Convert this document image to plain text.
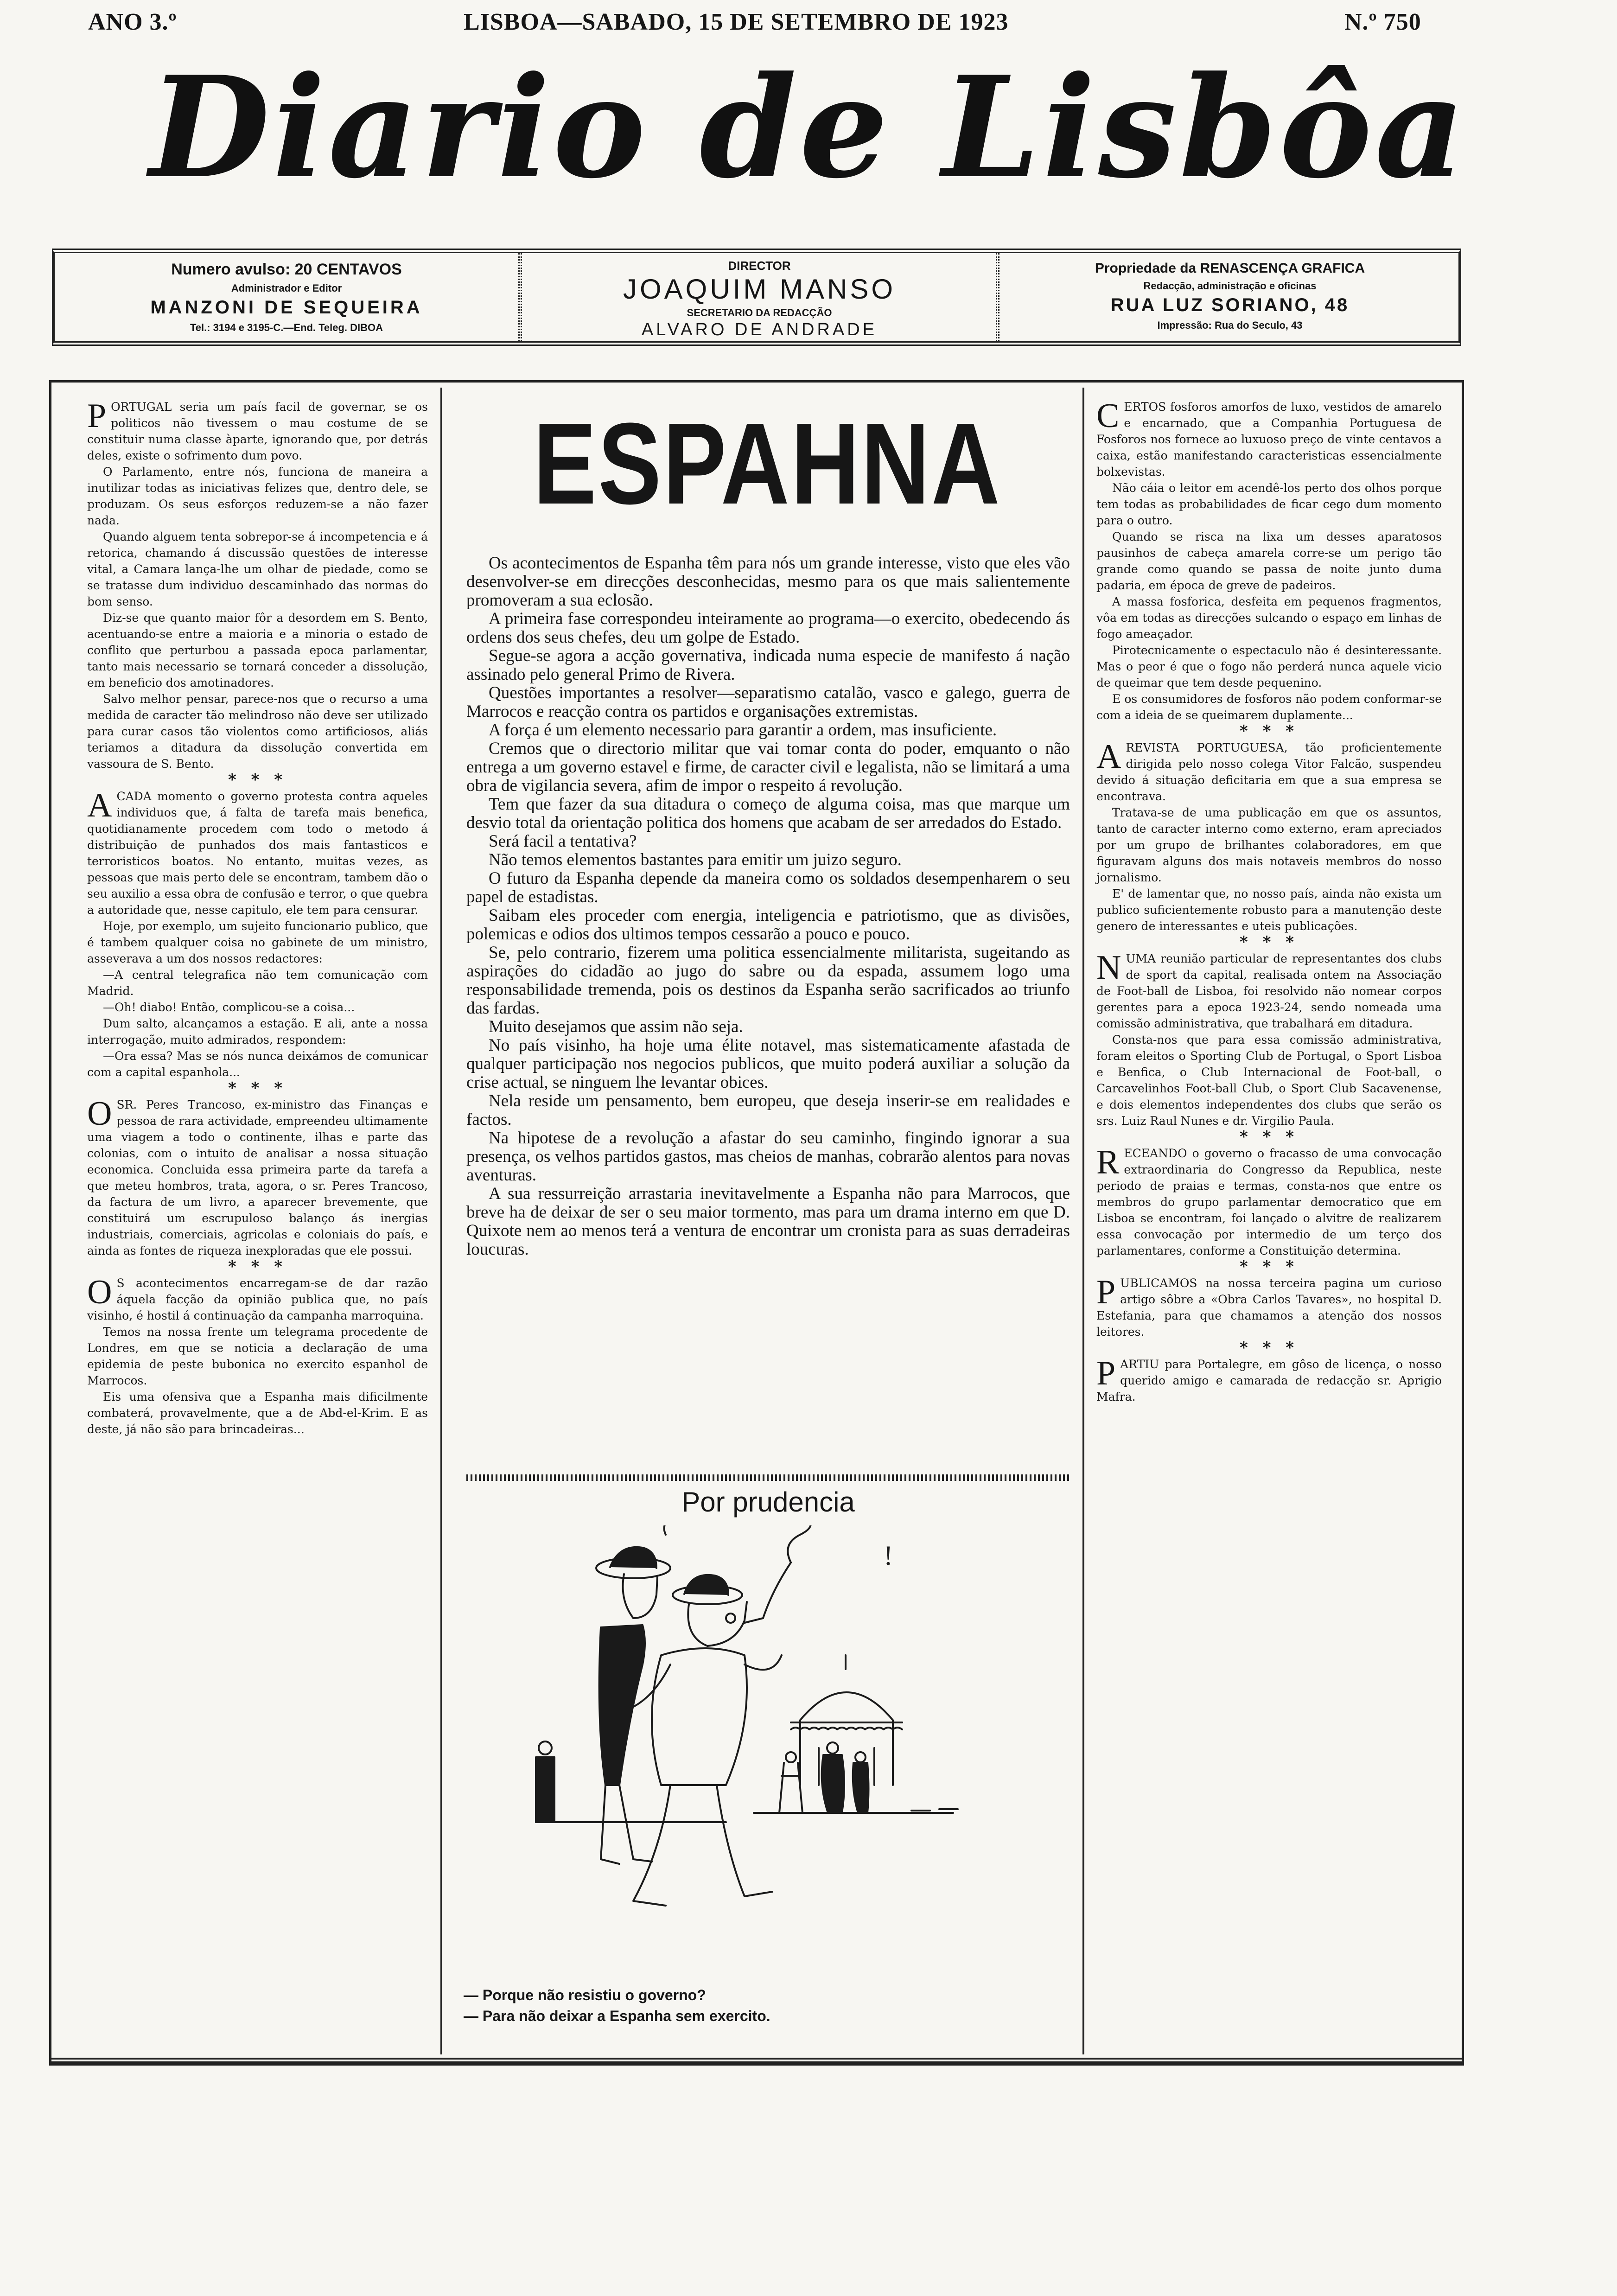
ANO 3.º	LISBOA—SABADO, 15 DE SETEMBRO DE 1923	N.º 750
Diario de Lisbôa
Numero avulso: 20 CENTAVOS
Administrador e Editor
MANZONI DE SEQUEIRA
Tel.: 3194 e 3195-C.—End. Teleg. DIBOA
DIRECTOR
JOAQUIM MANSO
SECRETARIO DA REDACÇÃO
ALVARO DE ANDRADE
Propriedade da RENASCENÇA GRAFICA
Redacção, administração e oficinas
RUA LUZ SORIANO, 48
Impressão: Rua do Seculo, 43

PORTUGAL seria um país facil de governar, se os politicos não tivessem o mau costume de se constituir numa classe àparte, ignorando que, por detrás deles, existe o sofrimento dum povo.

O Parlamento, entre nós, funciona de maneira a inutilizar todas as iniciativas felizes que, dentro dele, se produzam. Os seus esforços reduzem-se a não fazer nada.

Quando alguem tenta sobrepor-se á incompetencia e á retorica, chamando á discussão questões de interesse vital, a Camara lança-lhe um olhar de piedade, como se se tratasse dum individuo descaminhado das normas do bom senso.

Diz-se que quanto maior fôr a desordem em S. Bento, acentuando-se entre a maioria e a minoria o estado de conflito que perturbou a passada epoca parlamentar, tanto mais necessario se tornará conceder a dissolução, em beneficio dos amotinadores.

Salvo melhor pensar, parece-nos que o recurso a uma medida de caracter tão melindroso não deve ser utilizado para curar casos tão violentos como artificiosos, aliás teriamos a ditadura da dissolução convertida em vassoura de S. Bento.

* * *

ACADA momento o governo protesta contra aqueles individuos que, á falta de tarefa mais benefica, quotidianamente procedem com todo o metodo á distribuição de punhados dos mais fantasticos e terroristicos boatos. No entanto, muitas vezes, as pessoas que mais perto dele se encontram, tambem dão o seu auxilio a essa obra de confusão e terror, o que quebra a autoridade que, nesse capitulo, ele tem para censurar.

Hoje, por exemplo, um sujeito funcionario publico, que é tambem qualquer coisa no gabinete de um ministro, asseverava a um dos nossos redactores:

—A central telegrafica não tem comunicação com Madrid.

—Oh! diabo! Então, complicou-se a coisa...

Dum salto, alcançamos a estação. E ali, ante a nossa interrogação, muito admirados, respondem:

—Ora essa? Mas se nós nunca deixámos de comunicar com a capital espanhola...

* * *

O SR. Peres Trancoso, ex-ministro das Finanças e pessoa de rara actividade, empreendeu ultimamente uma viagem a todo o continente, ilhas e parte das colonias, com o intuito de analisar a nossa situação economica. Concluida essa primeira parte da tarefa a que meteu hombros, trata, agora, o sr. Peres Trancoso, da factura de um livro, a aparecer brevemente, que constituirá um escrupuloso balanço ás inergias industriais, comerciais, agricolas e coloniais do país, e ainda as fontes de riqueza inexploradas que ele possui.

* * *

O S acontecimentos encarregam-se de dar razão áquela facção da opinião publica que, no país visinho, é hostil á continuação da campanha marroquina.

Temos na nossa frente um telegrama procedente de Londres, em que se noticia a declaração de uma epidemia de peste bubonica no exercito espanhol de Marrocos.

Eis uma ofensiva que a Espanha mais dificilmente combaterá, provavelmente, que a de Abd-el-Krim. E as deste, já não são para brincadeiras...

ESPAHNA

Os acontecimentos de Espanha têm para nós um grande interesse, visto que eles vão desenvolver-se em direcções desconhecidas, mesmo para os que mais salientemente promoveram a sua eclosão.

A primeira fase correspondeu inteiramente ao programa—o exercito, obedecendo ás ordens dos seus chefes, deu um golpe de Estado.

Segue-se agora a acção governativa, indicada numa especie de manifesto á nação assinado pelo general Primo de Rivera.

Questões importantes a resolver—separatismo catalão, vasco e galego, guerra de Marrocos e reacção contra os partidos e organisações extremistas.

A força é um elemento necessario para garantir a ordem, mas insuficiente.

Cremos que o directorio militar que vai tomar conta do poder, emquanto o não entrega a um governo estavel e firme, de caracter civil e legalista, não se limitará a uma obra de vigilancia severa, afim de impor o respeito á revolução.

Tem que fazer da sua ditadura o começo de alguma coisa, mas que marque um desvio total da orientação politica dos homens que acabam de ser arredados do Estado.

Será facil a tentativa?

Não temos elementos bastantes para emitir um juizo seguro.

O futuro da Espanha depende da maneira como os soldados desempenharem o seu papel de estadistas.

Saibam eles proceder com energia, inteligencia e patriotismo, que as divisões, polemicas e odios dos ultimos tempos cessarão a pouco e pouco.

Se, pelo contrario, fizerem uma politica essencialmente militarista, sugeitando as aspirações do cidadão ao jugo do sabre ou da espada, assumem logo uma responsabilidade tremenda, pois os destinos da Espanha serão sacrificados ao triunfo das fardas.

Muito desejamos que assim não seja.

No país visinho, ha hoje uma élite notavel, mas sistematicamente afastada de qualquer participação nos negocios publicos, que muito poderá auxiliar a solução da crise actual, se ninguem lhe levantar obices.

Nela reside um pensamento, bem europeu, que deseja inserir-se em realidades e factos.

Na hipotese de a revolução a afastar do seu caminho, fingindo ignorar a sua presença, os velhos partidos gastos, mas cheios de manhas, cobrarão alentos para novas aventuras.

A sua ressurreição arrastaria inevitavelmente a Espanha não para Marrocos, que breve ha de deixar de ser o seu maior tormento, mas para um drama interno em que D. Quixote nem ao menos terá a ventura de encontrar um cronista para as suas derradeiras loucuras.

Por prudencia
!
— Porque não resistiu o governo?
— Para não deixar a Espanha sem exercito.

CERTOS fosforos amorfos de luxo, vestidos de amarelo e encarnado, que a Companhia Portuguesa de Fosforos nos fornece ao luxuoso preço de vinte centavos a caixa, estão manifestando caracteristicas essencialmente bolxevistas.

Não cáia o leitor em acendê-los perto dos olhos porque tem todas as probabilidades de ficar cego dum momento para o outro.

Quando se risca na lixa um desses aparatosos pausinhos de cabeça amarela corre-se um perigo tão grande como quando se passa de noite junto duma padaria, em época de greve de padeiros.

A massa fosforica, desfeita em pequenos fragmentos, vôa em todas as direcções sulcando o espaço em linhas de fogo ameaçador.

Pirotecnicamente o espectaculo não é desinteressante. Mas o peor é que o fogo não perderá nunca aquele vicio de queimar que tem desde pequenino.

E os consumidores de fosforos não podem conformar-se com a ideia de se queimarem duplamente...

* * *

A REVISTA PORTUGUESA, tão proficientemente dirigida pelo nosso colega Vitor Falcão, suspendeu devido á situação deficitaria em que a sua empresa se encontrava.

Tratava-se de uma publicação em que os assuntos, tanto de caracter interno como externo, eram apreciados por um grupo de brilhantes colaboradores, em que figuravam alguns dos mais notaveis membros do nosso jornalismo.

E' de lamentar que, no nosso país, ainda não exista um publico suficientemente robusto para a manutenção deste genero de interessantes e uteis publicações.

* * *

NUMA reunião particular de representantes dos clubs de sport da capital, realisada ontem na Associação de Foot-ball de Lisboa, foi resolvido não nomear corpos gerentes para a epoca 1923-24, sendo nomeada uma comissão administrativa, que trabalhará em ditadura.

Consta-nos que para essa comissão administrativa, foram eleitos o Sporting Club de Portugal, o Sport Lisboa e Benfica, o Club Internacional de Foot-ball, o Carcavelinhos Foot-ball Club, o Sport Club Sacavenense, e dois elementos independentes dos clubs que serão os srs. Luiz Raul Nunes e dr. Virgilio Paula.

* * *

RECEANDO o governo o fracasso de uma convocação extraordinaria do Congresso da Republica, neste periodo de praias e termas, consta-nos que entre os membros do grupo parlamentar democratico que em Lisboa se encontram, foi lançado o alvitre de realizarem essa convocação por intermedio de um terço dos parlamentares, conforme a Constituição determina.

* * *

PUBLICAMOS na nossa terceira pagina um curioso artigo sôbre a «Obra Carlos Tavares», no hospital D. Estefania, para que chamamos a atenção dos nossos leitores.

* * *

PARTIU para Portalegre, em gôso de licença, o nosso querido amigo e camarada de redacção sr. Aprigio Mafra.
